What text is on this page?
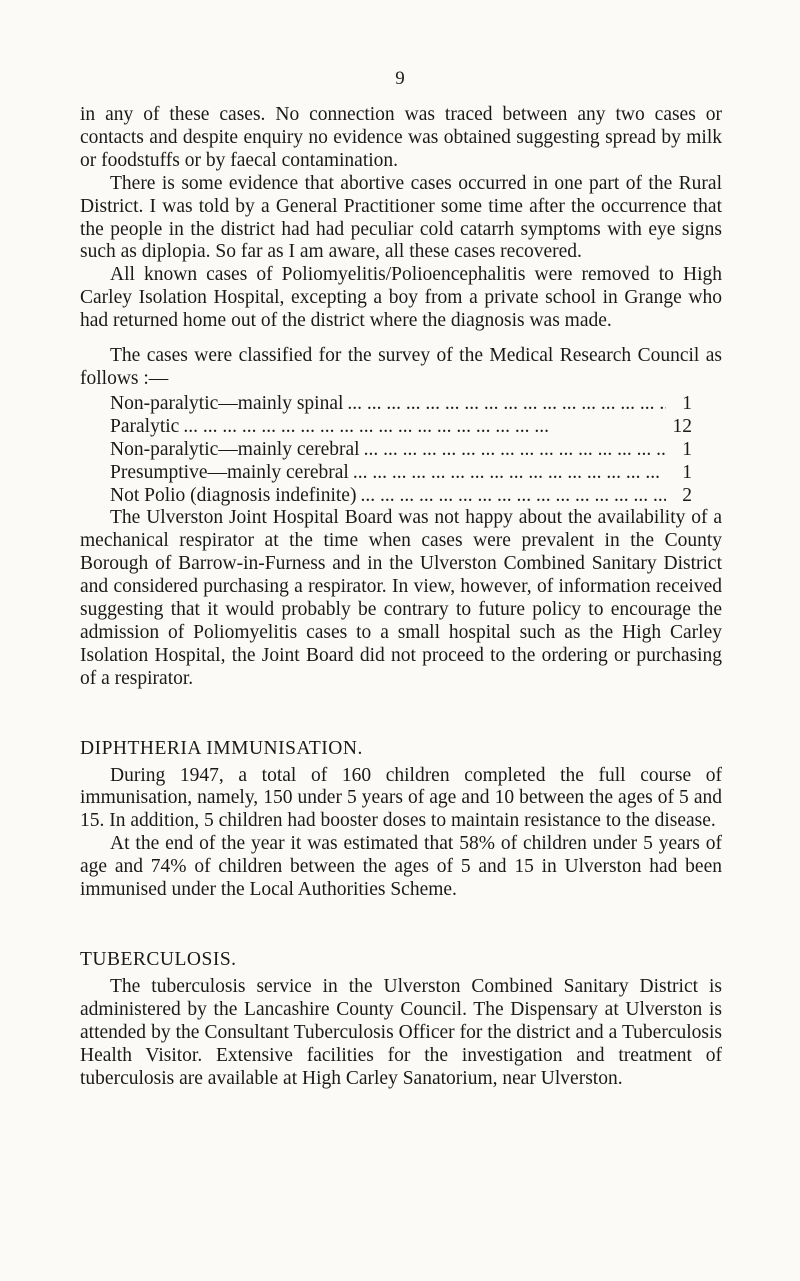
9

in any of these cases. No connection was traced between any two cases or contacts and despite enquiry no evidence was obtained suggesting spread by milk or foodstuffs or by faecal contamination.

There is some evidence that abortive cases occurred in one part of the Rural District. I was told by a General Practitioner some time after the occurrence that the people in the district had had peculiar cold catarrh symptoms with eye signs such as diplopia. So far as I am aware, all these cases recovered.

All known cases of Poliomyelitis/Polioencephalitis were removed to High Carley Isolation Hospital, excepting a boy from a private school in Grange who had returned home out of the district where the diagnosis was made.

The cases were classified for the survey of the Medical Research Council as follows :—

Non-paralytic—mainly spinal ... .	1
Paralytic ... .	12
Non-paralytic—mainly cerebral ... .	1
Presumptive—mainly cerebral ... .	1
Not Polio (diagnosis indefinite) ... .	2

The Ulverston Joint Hospital Board was not happy about the availability of a mechanical respirator at the time when cases were prevalent in the County Borough of Barrow-in-Furness and in the Ulverston Combined Sanitary District and considered purchasing a respirator. In view, however, of information received suggesting that it would probably be contrary to future policy to encourage the admission of Poliomyelitis cases to a small hospital such as the High Carley Isolation Hospital, the Joint Board did not proceed to the ordering or purchasing of a respirator.

DIPHTHERIA IMMUNISATION.

During 1947, a total of 160 children completed the full course of immunisation, namely, 150 under 5 years of age and 10 between the ages of 5 and 15. In addition, 5 children had booster doses to maintain resistance to the disease.

At the end of the year it was estimated that 58% of children under 5 years of age and 74% of children between the ages of 5 and 15 in Ulverston had been immunised under the Local Authorities Scheme.

TUBERCULOSIS.

The tuberculosis service in the Ulverston Combined Sanitary District is administered by the Lancashire County Council. The Dispensary at Ulverston is attended by the Consultant Tuberculosis Officer for the district and a Tuberculosis Health Visitor. Extensive facilities for the investigation and treatment of tuberculosis are available at High Carley Sanatorium, near Ulverston.
